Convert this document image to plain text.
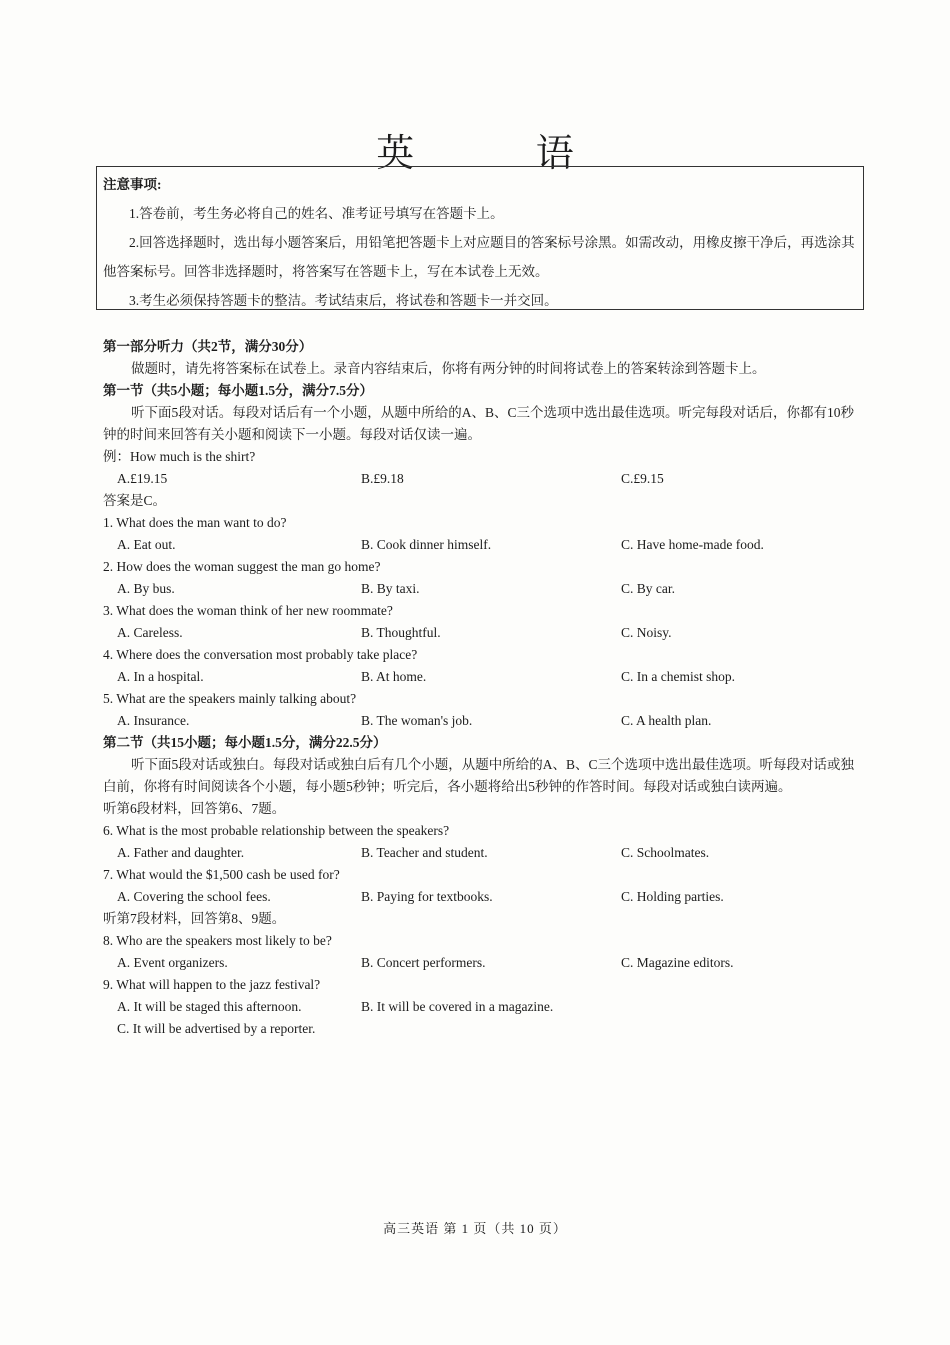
英 语
注意事项:
1.答卷前，考生务必将自己的姓名、准考证号填写在答题卡上。
2.回答选择题时，选出每小题答案后，用铅笔把答题卡上对应题目的答案标号涂黑。如需改动，用橡皮擦干净后，再选涂其他答案标号。回答非选择题时，将答案写在答题卡上，写在本试卷上无效。
3.考生必须保持答题卡的整洁。考试结束后，将试卷和答题卡一并交回。
第一部分听力（共2节，满分30分）
做题时，请先将答案标在试卷上。录音内容结束后，你将有两分钟的时间将试卷上的答案转涂到答题卡上。
第一节（共5小题；每小题1.5分，满分7.5分）
听下面5段对话。每段对话后有一个小题，从题中所给的A、B、C三个选项中选出最佳选项。听完每段对话后，你都有10秒钟的时间来回答有关小题和阅读下一小题。每段对话仅读一遍。
例：How much is the shirt?
A.£19.15	B.£9.18	C.£9.15
答案是C。
1. What does the man want to do?
A. Eat out.	B. Cook dinner himself.	C. Have home-made food.
2. How does the woman suggest the man go home?
A. By bus.	B. By taxi.	C. By car.
3. What does the woman think of her new roommate?
A. Careless.	B. Thoughtful.	C. Noisy.
4. Where does the conversation most probably take place?
A. In a hospital.	B. At home.	C. In a chemist shop.
5. What are the speakers mainly talking about?
A. Insurance.	B. The woman's job.	C. A health plan.
第二节（共15小题；每小题1.5分，满分22.5分）
听下面5段对话或独白。每段对话或独白后有几个小题，从题中所给的A、B、C三个选项中选出最佳选项。听每段对话或独白前，你将有时间阅读各个小题，每小题5秒钟；听完后，各小题将给出5秒钟的作答时间。每段对话或独白读两遍。
听第6段材料，回答第6、7题。
6. What is the most probable relationship between the speakers?
A. Father and daughter.	B. Teacher and student.	C. Schoolmates.
7. What would the $1,500 cash be used for?
A. Covering the school fees.	B. Paying for textbooks.	C. Holding parties.
听第7段材料，回答第8、9题。
8. Who are the speakers most likely to be?
A. Event organizers.	B. Concert performers.	C. Magazine editors.
9. What will happen to the jazz festival?
A. It will be staged this afternoon.	B. It will be covered in a magazine.
C. It will be advertised by a reporter.
高三英语 第 1 页（共 10 页）
